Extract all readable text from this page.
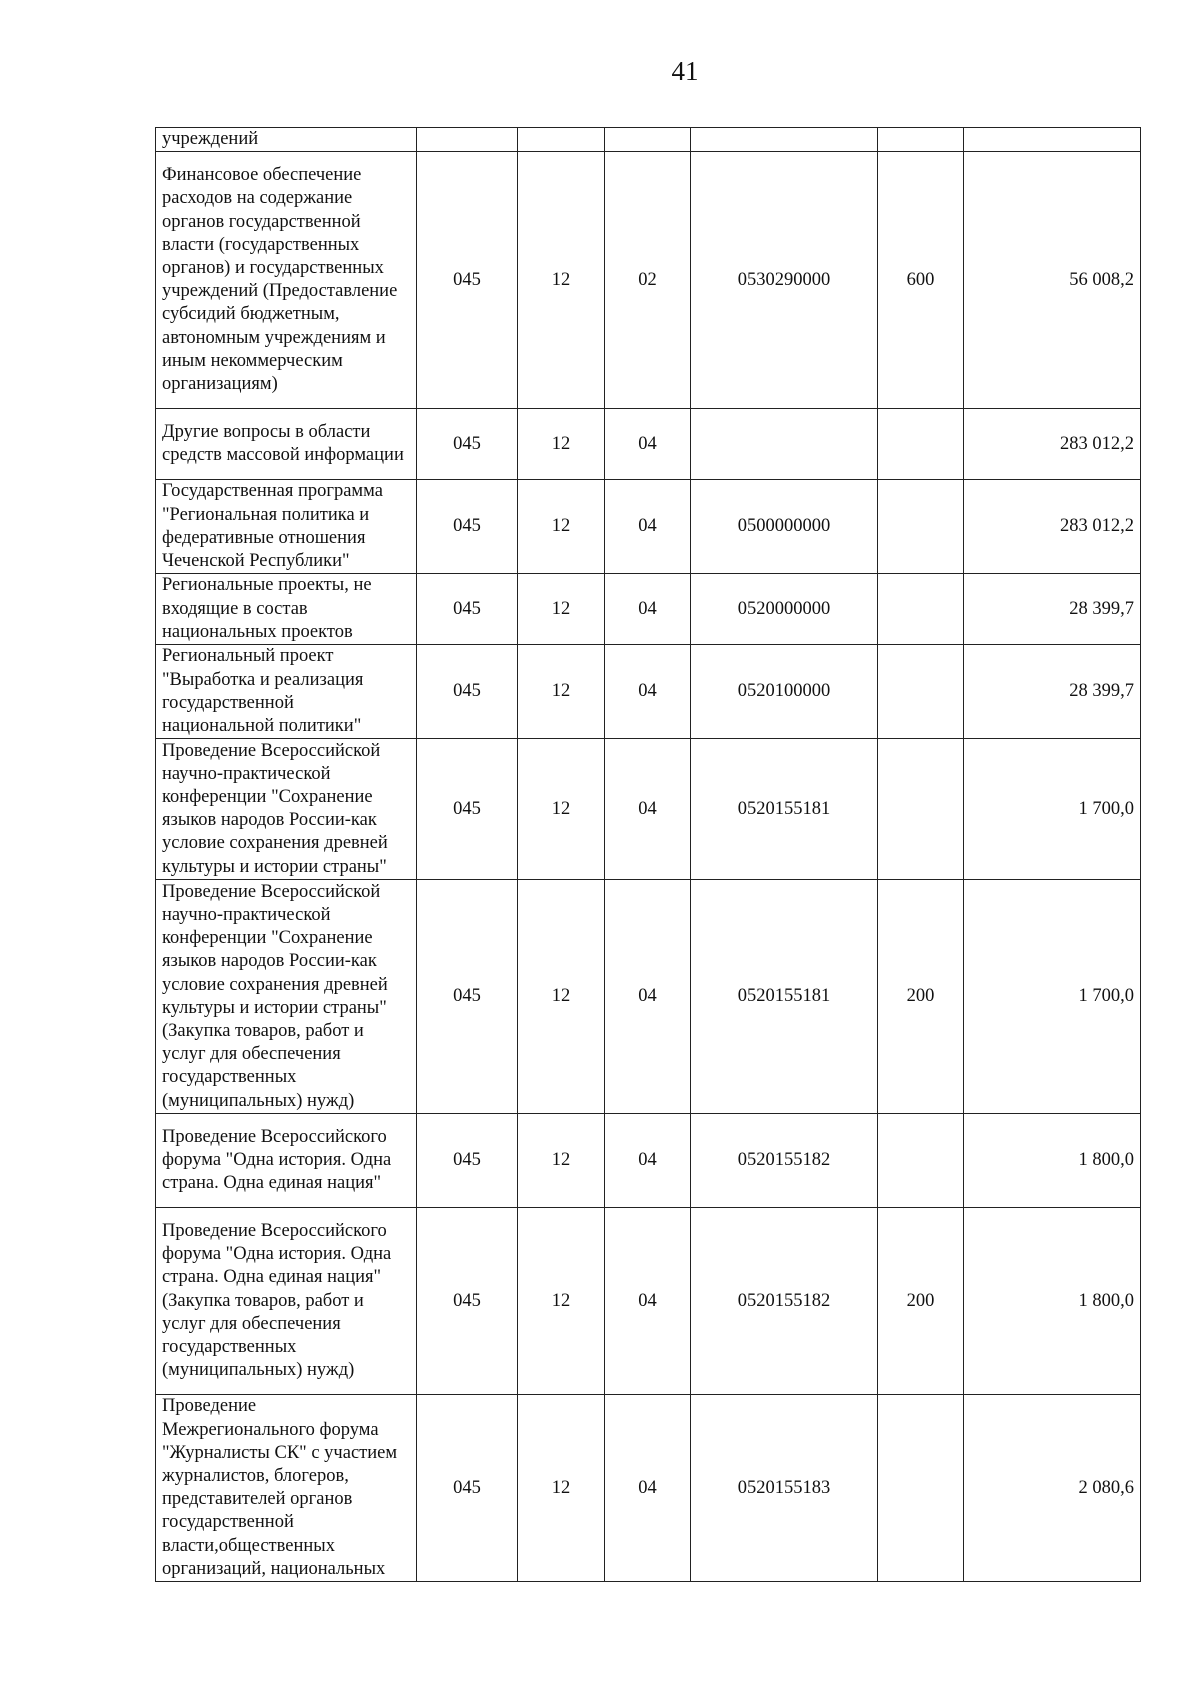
41
учреждений						
Финансовое обеспечение расходов на содержание органов государственной власти (государственных органов) и государственных учреждений (Предоставление субсидий бюджетным, автономным учреждениям и иным некоммерческим организациям)	045	12	02	0530290000	600	56 008,2
Другие вопросы в области средств массовой информации	045	12	04			283 012,2
Государственная программа "Региональная политика и федеративные отношения Чеченской Республики"	045	12	04	0500000000		283 012,2
Региональные проекты, не входящие в состав национальных проектов	045	12	04	0520000000		28 399,7
Региональный проект "Выработка и реализация государственной национальной политики"	045	12	04	0520100000		28 399,7
Проведение Всероссийской научно-практической конференции "Сохранение языков народов России-как условие сохранения древней культуры и истории страны"	045	12	04	0520155181		1 700,0
Проведение Всероссийской научно-практической конференции "Сохранение языков народов России-как условие сохранения древней культуры и истории страны" (Закупка товаров, работ и услуг для обеспечения государственных (муниципальных) нужд)	045	12	04	0520155181	200	1 700,0
Проведение Всероссийского форума "Одна история. Одна страна. Одна единая нация"	045	12	04	0520155182		1 800,0
Проведение Всероссийского форума "Одна история. Одна страна. Одна единая нация" (Закупка товаров, работ и услуг для обеспечения государственных (муниципальных) нужд)	045	12	04	0520155182	200	1 800,0
Проведение Межрегионального форума "Журналисты СК" с участием журналистов, блогеров, представителей органов государственной власти,общественных организаций, национальных	045	12	04	0520155183		2 080,6
